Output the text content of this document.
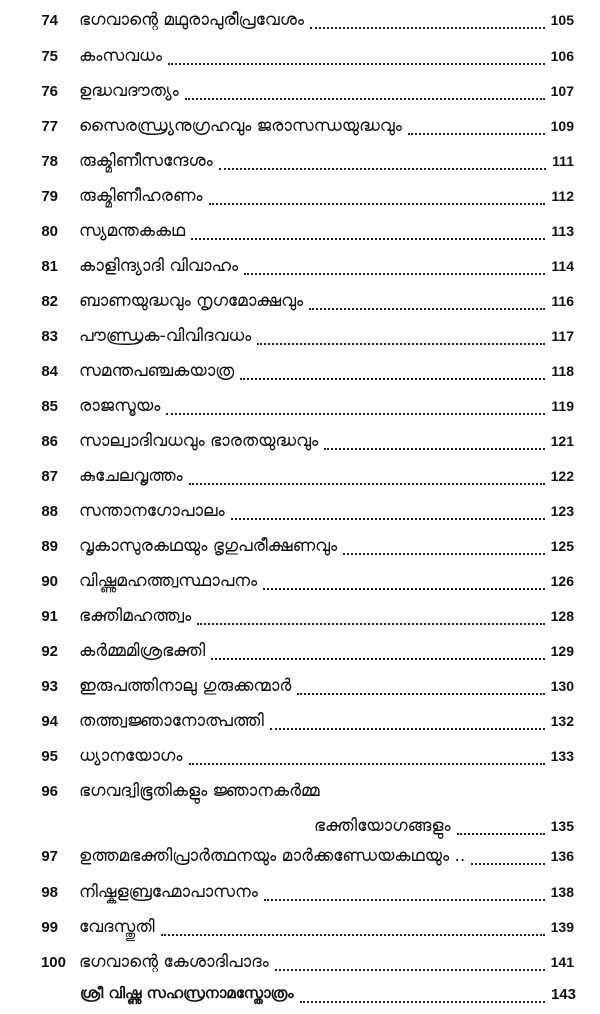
74 ഭഗവാന്റെ മഥുരാപുരീപ്രവേശം	105
75 കംസവധം	106
76 ഉദ്ധവദൗത്യം	107
77 സൈരന്ധ്ര്യനുഗ്രഹവും ജരാസന്ധയുദ്ധവും	109
78 രുക്മിണീസന്ദേശം	111
79 രുക്മിണീഹരണം	112
80 സ്യമന്തകകഥ	113
81 കാളിന്ദ്യാദി വിവാഹം	114
82 ബാണയുദ്ധവും നൃഗമോക്ഷവും	116
83 പൗണ്ഡ്രക-വിവിദവധം	117
84 സമന്തപഞ്ചകയാത്ര	118
85 രാജസൂയം	119
86 സാല്വാദിവധവും ഭാരതയുദ്ധവും	121
87 കുചേലവൃത്തം	122
88 സന്താനഗോപാലം	123
89 വൃകാസുരകഥയും ഭൃഗുപരീക്ഷണവും	125
90 വിഷ്ണുമഹത്ത്വസ്ഥാപനം	126
91 ഭക്തിമഹത്ത്വം	128
92 കർമ്മമിശ്രഭക്തി	129
93 ഇരുപത്തിനാലു ഗുരുക്കന്മാർ	130
94 തത്ത്വജ്ഞാനോത്പത്തി	132
95 ധ്യാനയോഗം	133
96 ഭഗവദ്വിഭൂതികളും ജ്ഞാനകർമ്മ
ഭക്തിയോഗങ്ങളും	135
97 ഉത്തമഭക്തിപ്രാർത്ഥനയും മാർക്കണ്ഡേയകഥയും ..	136
98 നിഷ്കളബ്രഹ്മോപാസനം	138
99 വേദസ്തുതി	139
100 ഭഗവാന്റെ കേശാദിപാദം	141
ശ്രീ വിഷ്ണു സഹസ്രനാമസ്തോത്രം	143
